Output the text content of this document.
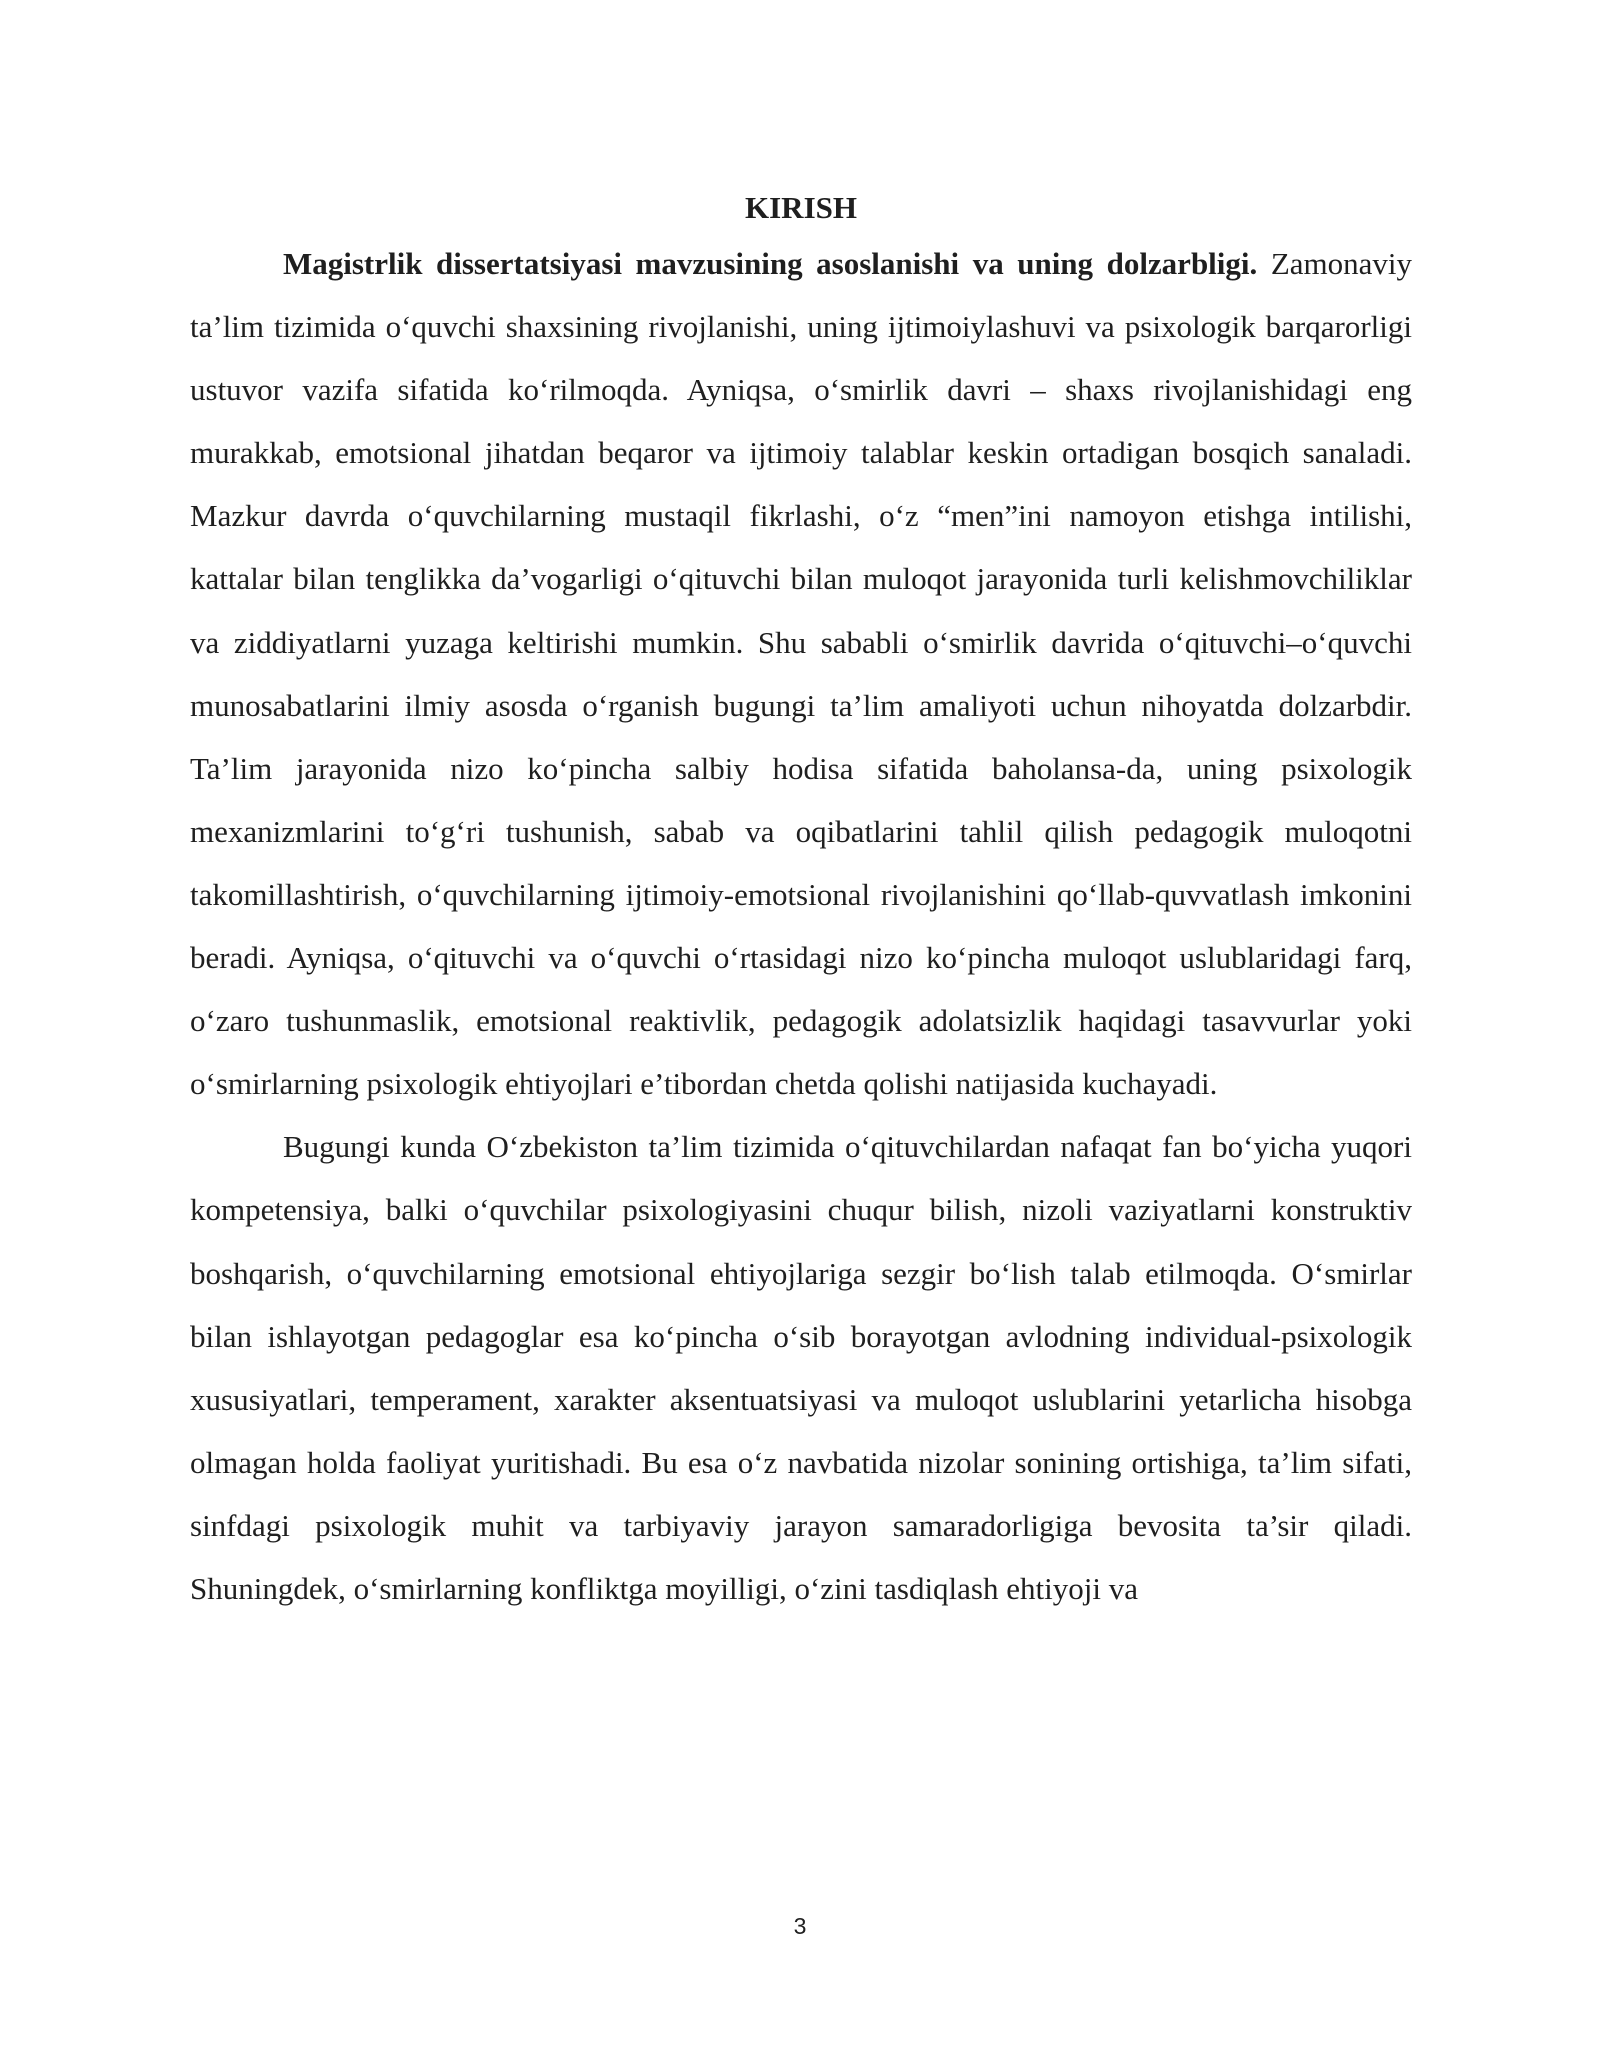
KIRISH

Magistrlik dissertatsiyasi mavzusining asoslanishi va uning dolzarbligi. Zamonaviy ta’lim tizimida o‘quvchi shaxsining rivojlanishi, uning ijtimoiylashuvi va psixologik barqarorligi ustuvor vazifa sifatida ko‘rilmoqda. Ayniqsa, o‘smirlik davri – shaxs rivojlanishidagi eng murakkab, emotsional jihatdan beqaror va ijtimoiy talablar keskin ortadigan bosqich sanaladi. Mazkur davrda o‘quvchilarning mustaqil fikrlashi, o‘z “men”ini namoyon etishga intilishi, kattalar bilan tenglikka da’vogarligi o‘qituvchi bilan muloqot jarayonida turli kelishmovchiliklar va ziddiyatlarni yuzaga keltirishi mumkin. Shu sababli o‘smirlik davrida o‘qituvchi–o‘quvchi munosabatlarini ilmiy asosda o‘rganish bugungi ta’lim amaliyoti uchun nihoyatda dolzarbdir. Ta’lim jarayonida nizo ko‘pincha salbiy hodisa sifatida baholansa-da, uning psixologik mexanizmlarini to‘g‘ri tushunish, sabab va oqibatlarini tahlil qilish pedagogik muloqotni takomillashtirish, o‘quvchilarning ijtimoiy-emotsional rivojlanishini qo‘llab-quvvatlash imkonini beradi. Ayniqsa, o‘qituvchi va o‘quvchi o‘rtasidagi nizo ko‘pincha muloqot uslublaridagi farq, o‘zaro tushunmaslik, emotsional reaktivlik, pedagogik adolatsizlik haqidagi tasavvurlar yoki o‘smirlarning psixologik ehtiyojlari e’tibordan chetda qolishi natijasida kuchayadi.

Bugungi kunda O‘zbekiston ta’lim tizimida o‘qituvchilardan nafaqat fan bo‘yicha yuqori kompetensiya, balki o‘quvchilar psixologiyasini chuqur bilish, nizoli vaziyatlarni konstruktiv boshqarish, o‘quvchilarning emotsional ehtiyojlariga sezgir bo‘lish talab etilmoqda. O‘smirlar bilan ishlayotgan pedagoglar esa ko‘pincha o‘sib borayotgan avlodning individual-psixologik xususiyatlari, temperament, xarakter aksentuatsiyasi va muloqot uslublarini yetarlicha hisobga olmagan holda faoliyat yuritishadi. Bu esa o‘z navbatida nizolar sonining ortishiga, ta’lim sifati, sinfdagi psixologik muhit va tarbiyaviy jarayon samaradorligiga bevosita ta’sir qiladi. Shuningdek, o‘smirlarning konfliktga moyilligi, o‘zini tasdiqlash ehtiyoji va

3
